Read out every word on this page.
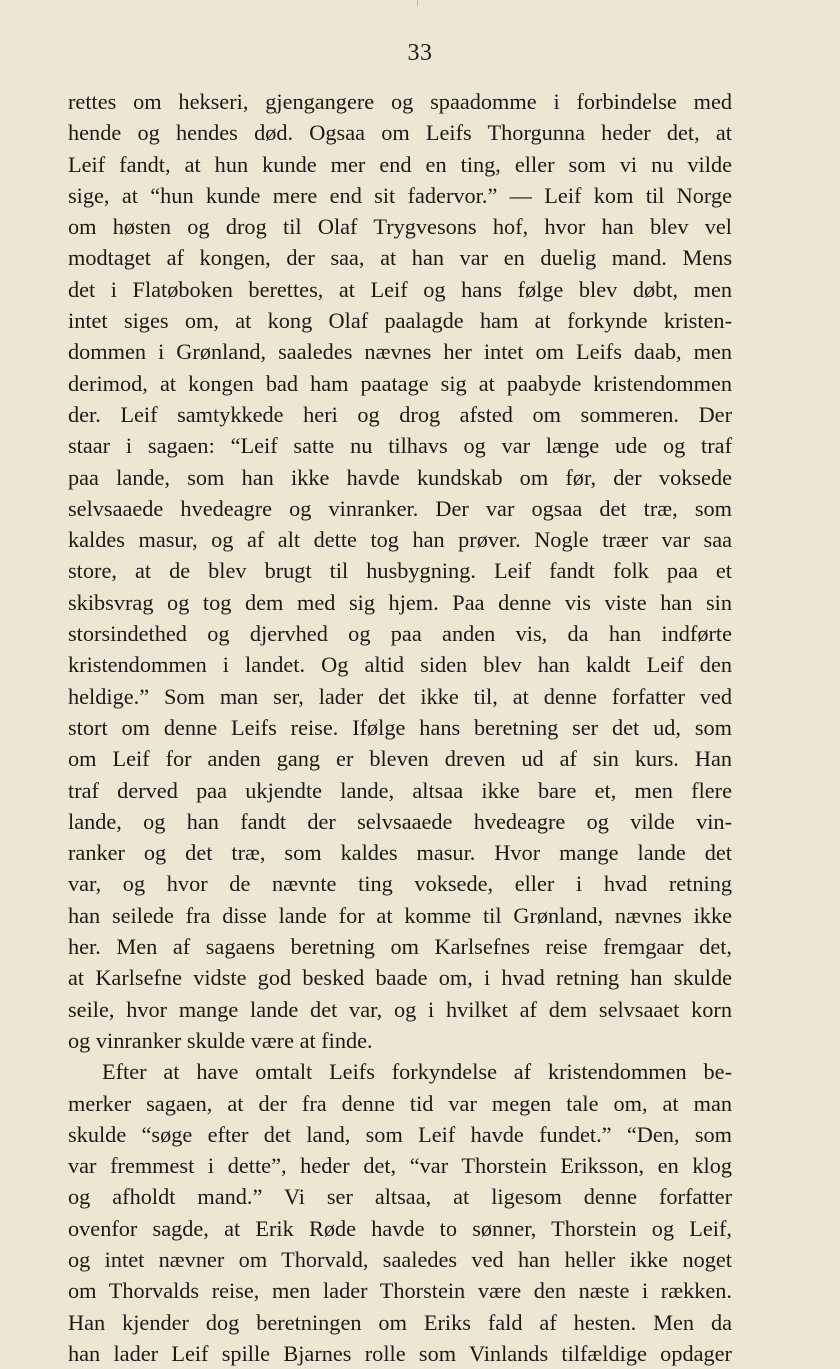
33
rettes om hekseri, gjengangere og spaadomme i forbindelse med
hende og hendes død. Ogsaa om Leifs Thorgunna heder det, at
Leif fandt, at hun kunde mer end en ting, eller som vi nu vilde
sige, at “hun kunde mere end sit fadervor.” — Leif kom til Norge
om høsten og drog til Olaf Trygvesons hof, hvor han blev vel
modtaget af kongen, der saa, at han var en duelig mand. Mens
det i Flatøboken berettes, at Leif og hans følge blev døbt, men
intet siges om, at kong Olaf paalagde ham at forkynde kristen-
dommen i Grønland, saaledes nævnes her intet om Leifs daab, men
derimod, at kongen bad ham paatage sig at paabyde kristendommen
der. Leif samtykkede heri og drog afsted om sommeren. Der
staar i sagaen: “Leif satte nu tilhavs og var længe ude og traf
paa lande, som han ikke havde kundskab om før, der voksede
selvsaaede hvedeagre og vinranker. Der var ogsaa det træ, som
kaldes masur, og af alt dette tog han prøver. Nogle træer var saa
store, at de blev brugt til husbygning. Leif fandt folk paa et
skibsvrag og tog dem med sig hjem. Paa denne vis viste han sin
storsindethed og djervhed og paa anden vis, da han indførte
kristendommen i landet. Og altid siden blev han kaldt Leif den
heldige.” Som man ser, lader det ikke til, at denne forfatter ved
stort om denne Leifs reise. Ifølge hans beretning ser det ud, som
om Leif for anden gang er bleven dreven ud af sin kurs. Han
traf derved paa ukjendte lande, altsaa ikke bare et, men flere
lande, og han fandt der selvsaaede hvedeagre og vilde vin-
ranker og det træ, som kaldes masur. Hvor mange lande det
var, og hvor de nævnte ting voksede, eller i hvad retning
han seilede fra disse lande for at komme til Grønland, nævnes ikke
her. Men af sagaens beretning om Karlsefnes reise fremgaar det,
at Karlsefne vidste god besked baade om, i hvad retning han skulde
seile, hvor mange lande det var, og i hvilket af dem selvsaaet korn
og vinranker skulde være at finde.
Efter at have omtalt Leifs forkyndelse af kristendommen be-
merker sagaen, at der fra denne tid var megen tale om, at man
skulde “søge efter det land, som Leif havde fundet.” “Den, som
var fremmest i dette”, heder det, “var Thorstein Eriksson, en klog
og afholdt mand.” Vi ser altsaa, at ligesom denne forfatter
ovenfor sagde, at Erik Røde havde to sønner, Thorstein og Leif,
og intet nævner om Thorvald, saaledes ved han heller ikke noget
om Thorvalds reise, men lader Thorstein være den næste i rækken.
Han kjender dog beretningen om Eriks fald af hesten. Men da
han lader Leif spille Bjarnes rolle som Vinlands tilfældige opdager
